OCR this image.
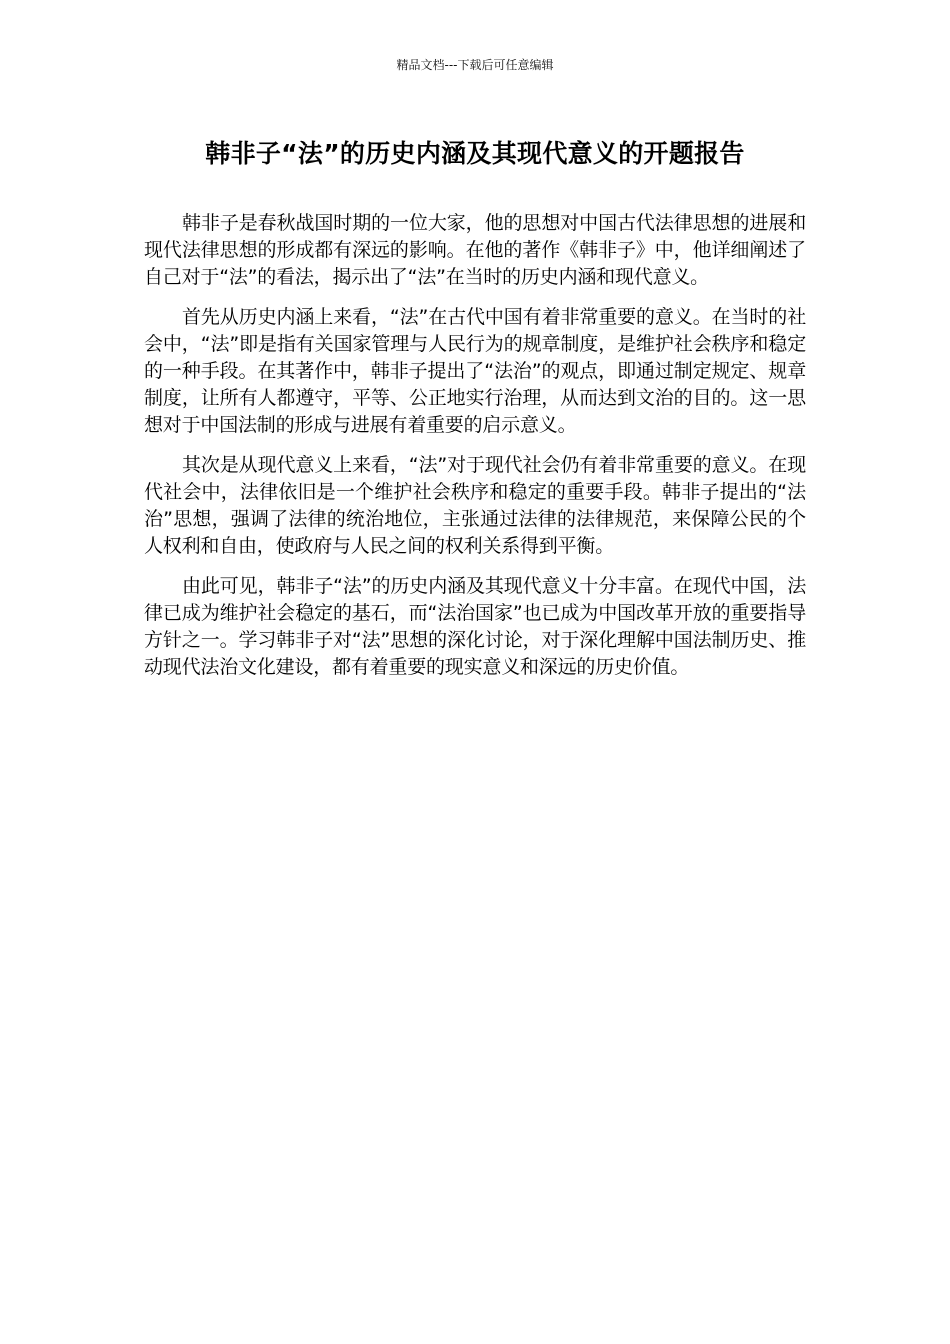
精品文档---下载后可任意编辑
韩非子“法”的历史内涵及其现代意义的开题报告

韩非子是春秋战国时期的一位大家，他的思想对中国古代法律思想的进展和现代法律思想的形成都有深远的影响。在他的著作《韩非子》中，他详细阐述了自己对于“法”的看法，揭示出了“法”在当时的历史内涵和现代意义。

首先从历史内涵上来看，“法”在古代中国有着非常重要的意义。在当时的社会中，“法”即是指有关国家管理与人民行为的规章制度，是维护社会秩序和稳定的一种手段。在其著作中，韩非子提出了“法治”的观点，即通过制定规定、规章制度，让所有人都遵守，平等、公正地实行治理，从而达到文治的目的。这一思想对于中国法制的形成与进展有着重要的启示意义。

其次是从现代意义上来看，“法”对于现代社会仍有着非常重要的意义。在现代社会中，法律依旧是一个维护社会秩序和稳定的重要手段。韩非子提出的“法治”思想，强调了法律的统治地位，主张通过法律的法律规范，来保障公民的个人权利和自由，使政府与人民之间的权利关系得到平衡。

由此可见，韩非子“法”的历史内涵及其现代意义十分丰富。在现代中国，法律已成为维护社会稳定的基石，而“法治国家”也已成为中国改革开放的重要指导方针之一。学习韩非子对“法”思想的深化讨论，对于深化理解中国法制历史、推动现代法治文化建设，都有着重要的现实意义和深远的历史价值。
